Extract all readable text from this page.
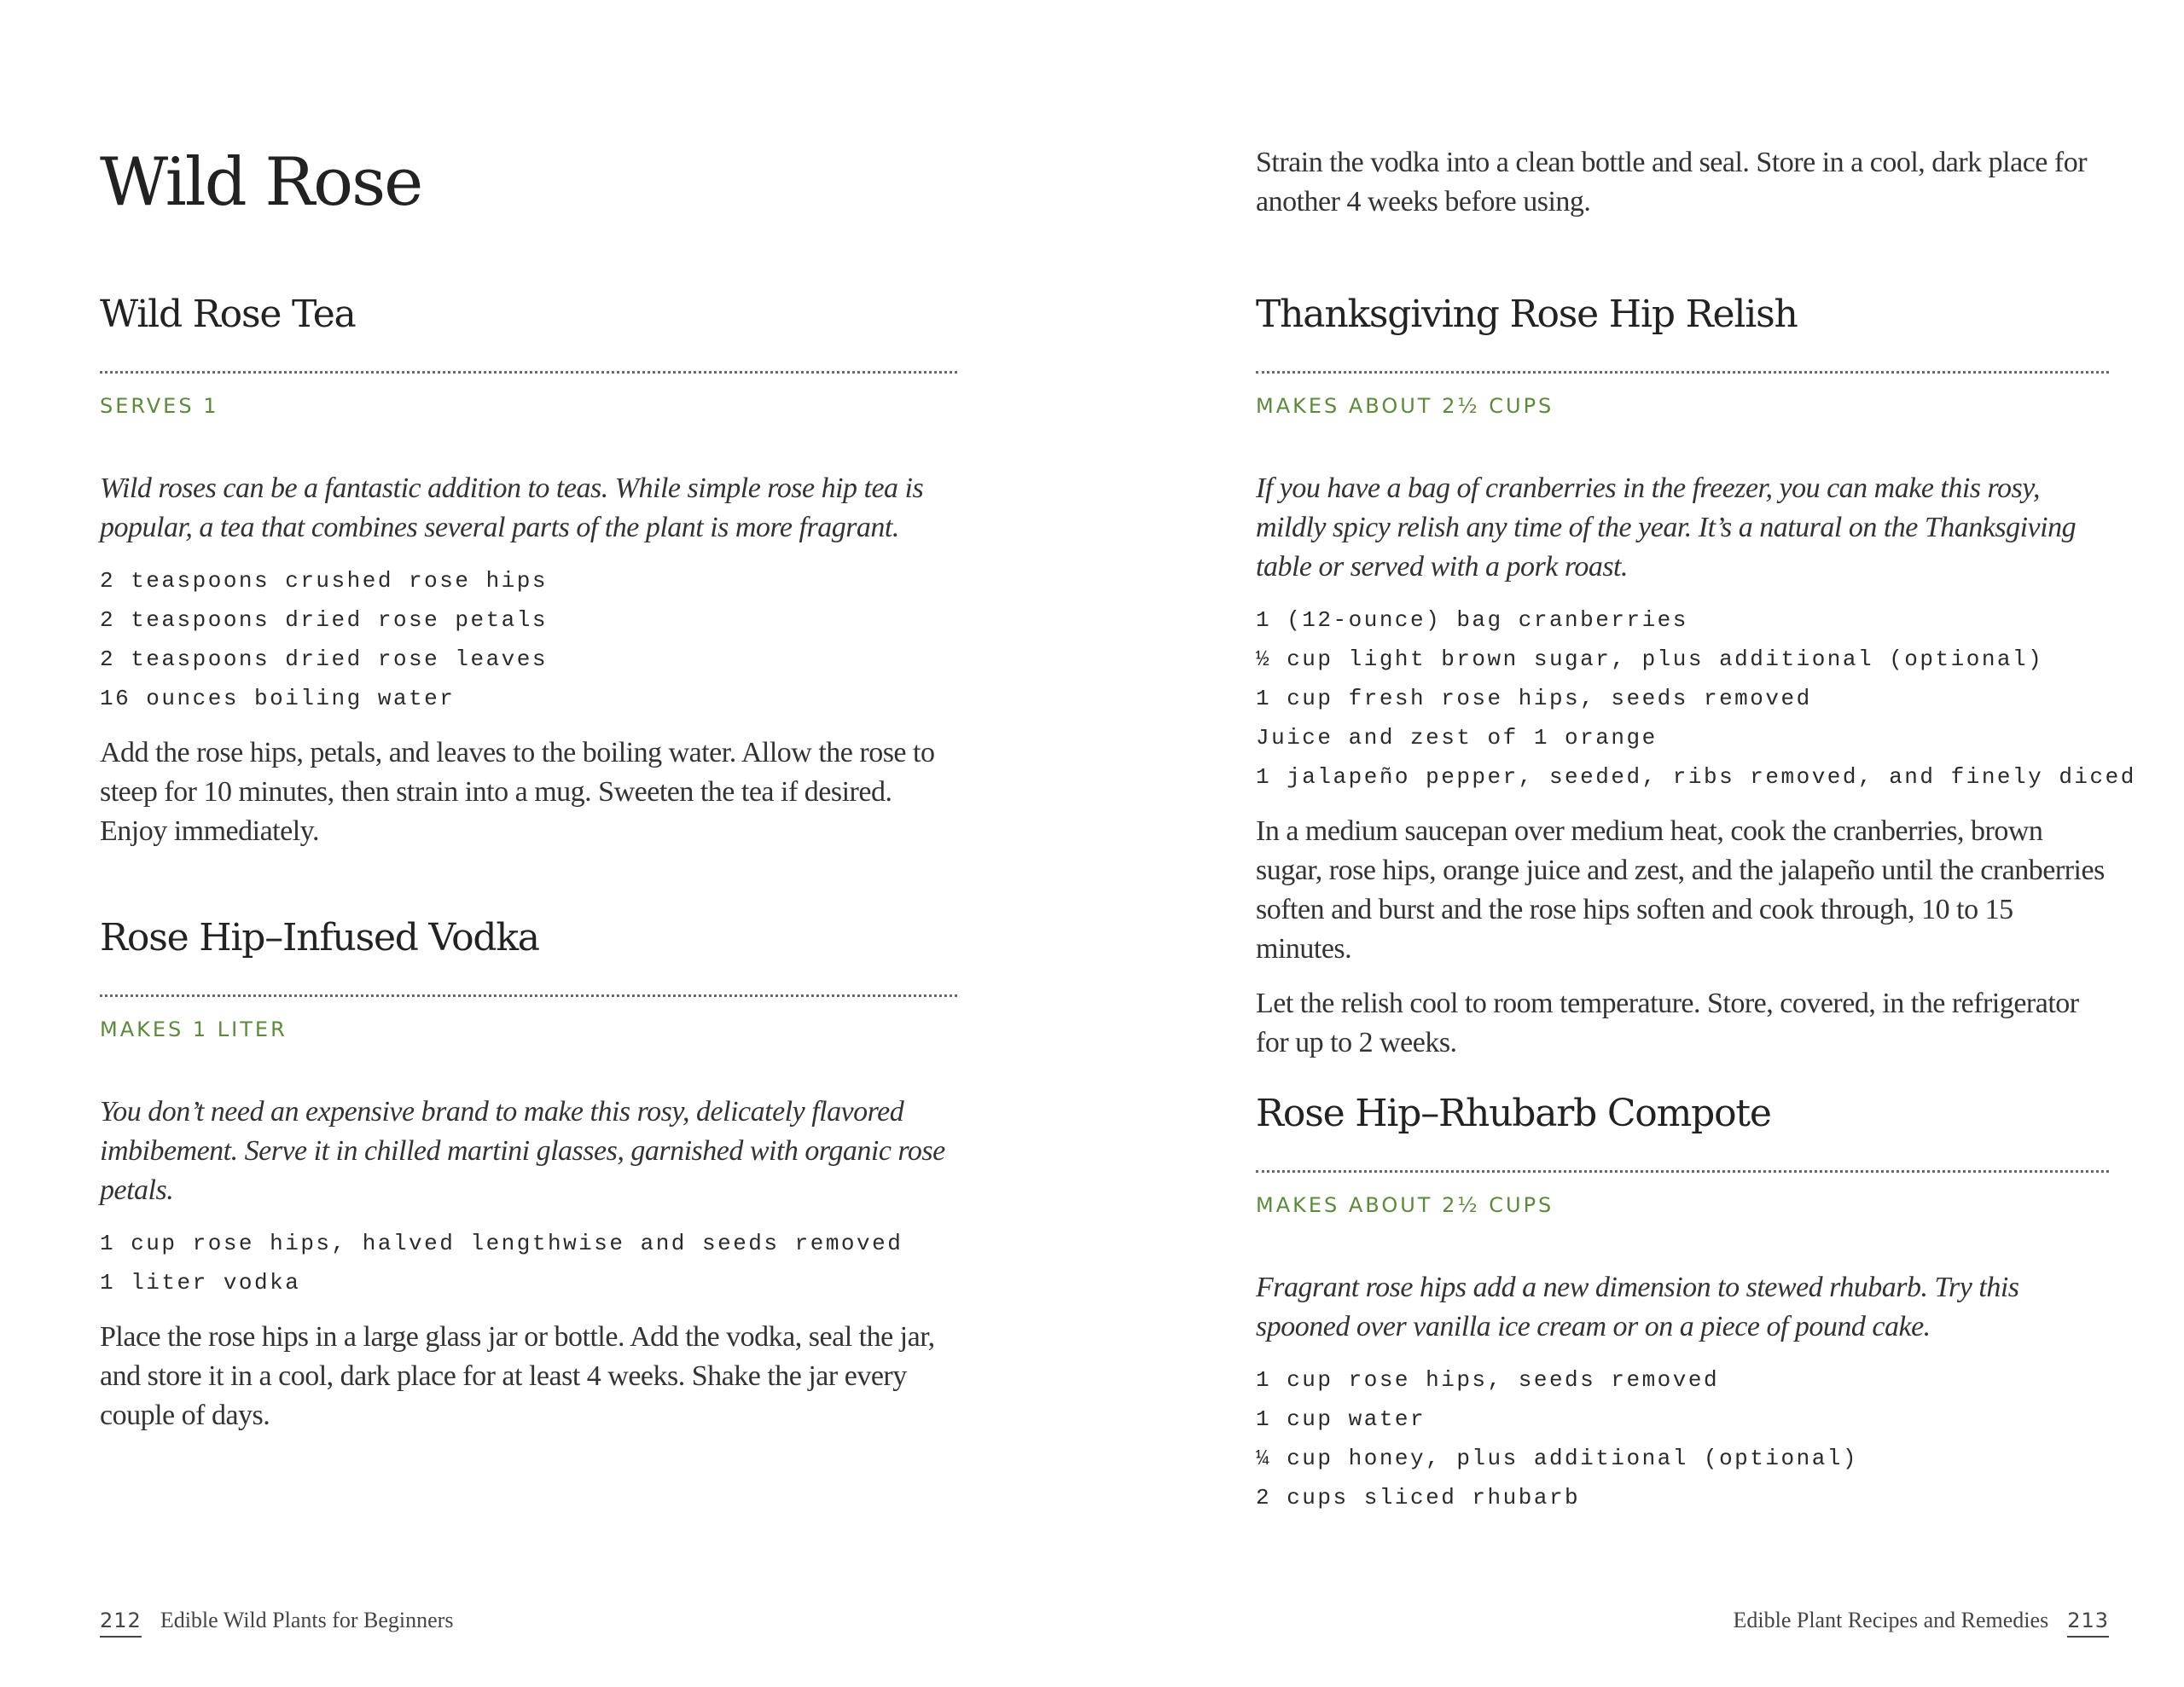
Wild Rose
Wild Rose Tea
SERVES 1

Wild roses can be a fantastic addition to teas. While simple rose hip tea is popular, a tea that combines several parts of the plant is more fragrant.

2 teaspoons crushed rose hips
2 teaspoons dried rose petals
2 teaspoons dried rose leaves
16 ounces boiling water

Add the rose hips, petals, and leaves to the boiling water. Allow the rose to steep for 10 minutes, then strain into a mug. Sweeten the tea if desired. Enjoy immediately.

Rose Hip–Infused Vodka
MAKES 1 LITER

You don’t need an expensive brand to make this rosy, delicately flavored imbibement. Serve it in chilled martini glasses, garnished with organic rose petals.

1 cup rose hips, halved lengthwise and seeds removed
1 liter vodka

Place the rose hips in a large glass jar or bottle. Add the vodka, seal the jar, and store it in a cool, dark place for at least 4 weeks. Shake the jar every couple of days.

212 Edible Wild Plants for Beginners

Strain the vodka into a clean bottle and seal. Store in a cool, dark place for another 4 weeks before using.

Thanksgiving Rose Hip Relish
MAKES ABOUT 2½ CUPS

If you have a bag of cranberries in the freezer, you can make this rosy, mildly spicy relish any time of the year. It’s a natural on the Thanksgiving table or served with a pork roast.

1 (12-ounce) bag cranberries
½ cup light brown sugar, plus additional (optional)
1 cup fresh rose hips, seeds removed
Juice and zest of 1 orange
1 jalapeño pepper, seeded, ribs removed, and finely diced

In a medium saucepan over medium heat, cook the cranberries, brown sugar, rose hips, orange juice and zest, and the jalapeño until the cranberries soften and burst and the rose hips soften and cook through, 10 to 15 minutes.

Let the relish cool to room temperature. Store, covered, in the refrigerator for up to 2 weeks.

Rose Hip–Rhubarb Compote
MAKES ABOUT 2½ CUPS

Fragrant rose hips add a new dimension to stewed rhubarb. Try this spooned over vanilla ice cream or on a piece of pound cake.

1 cup rose hips, seeds removed
1 cup water
¼ cup honey, plus additional (optional)
2 cups sliced rhubarb
Edible Plant Recipes and Remedies 213
